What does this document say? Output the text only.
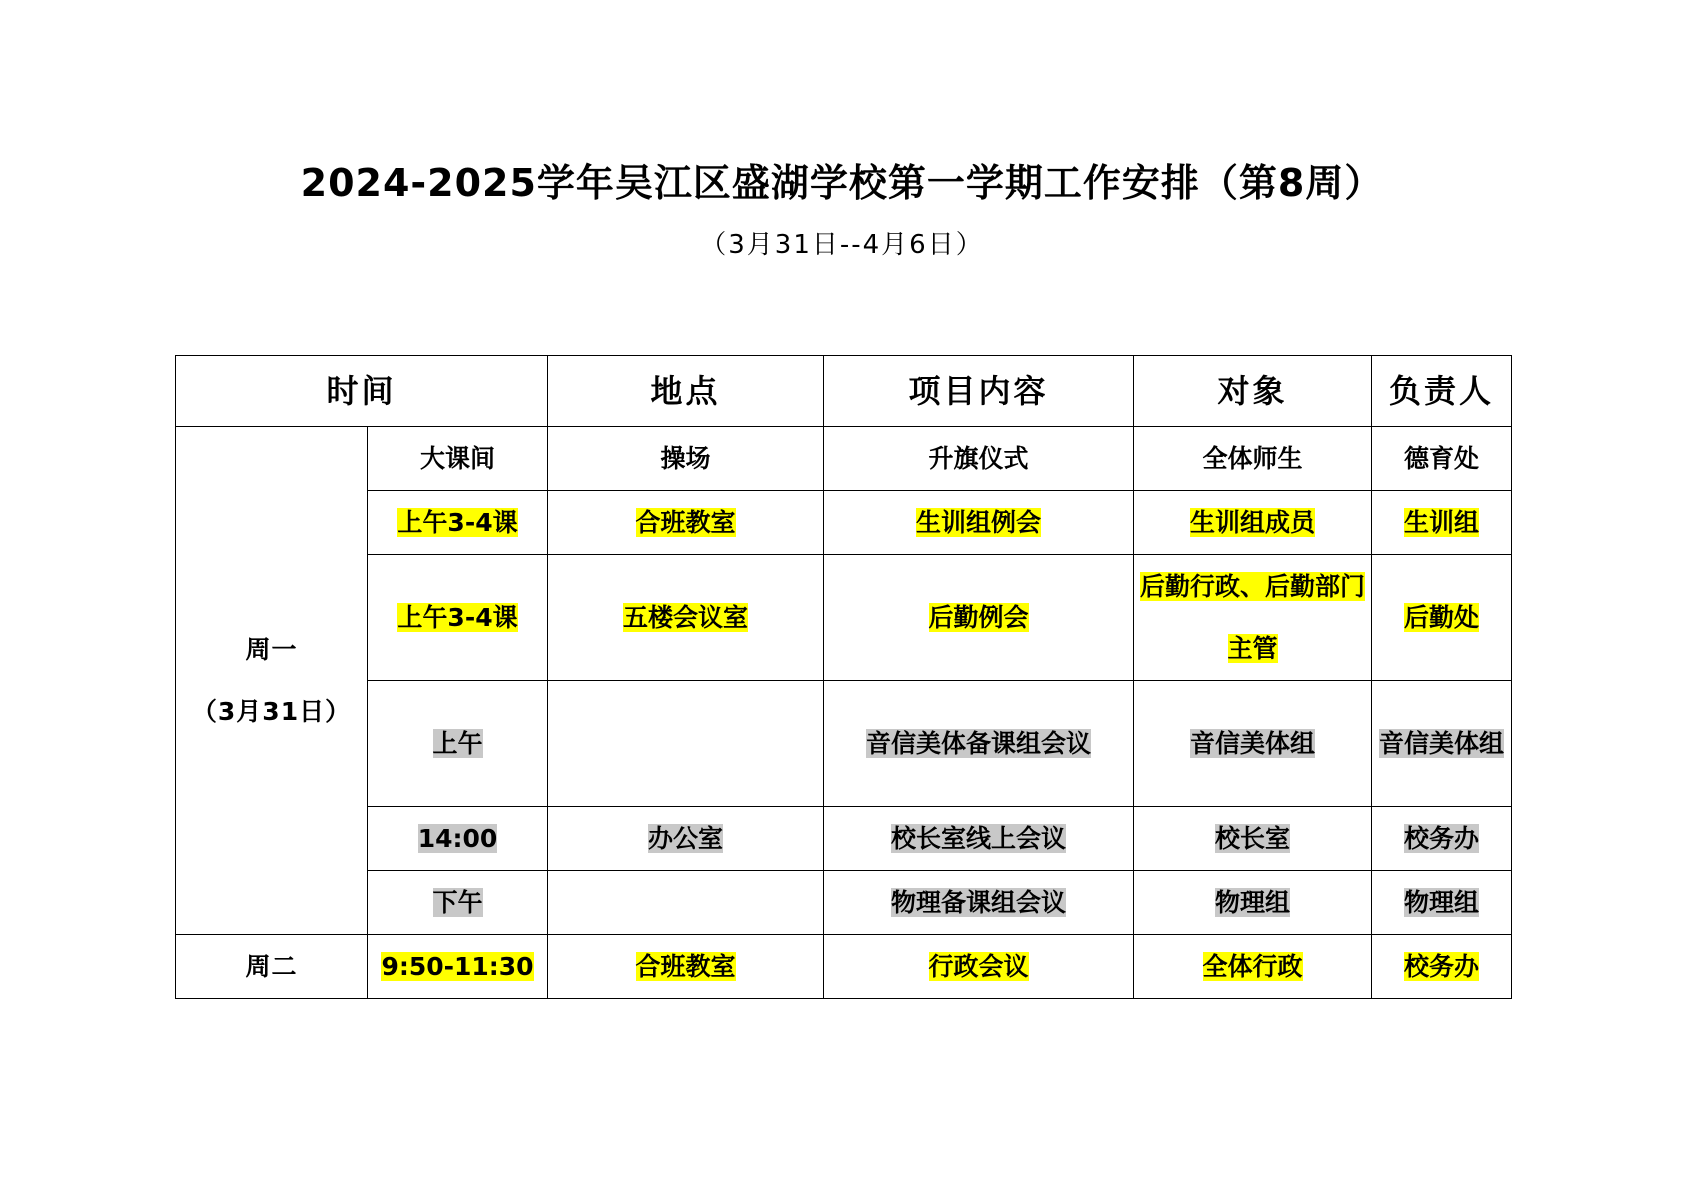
2024-2025学年吴江区盛湖学校第一学期工作安排（第8周）
（3月31日--4月6日）
时间		地点	项目内容	对象	负责人

周一
（3月31日）	大课间	操场	升旗仪式	全体师生	德育处
	上午3-4课	合班教室	生训组例会	生训组成员	生训组
	上午3-4课	五楼会议室	后勤例会	后勤行政、后勤部门主管	后勤处
	上午		音信美体备课组会议	音信美体组	音信美体组
	14:00	办公室	校长室线上会议	校长室	校务办
	下午		物理备课组会议	物理组	物理组

周二	9:50-11:30	合班教室	行政会议	全体行政	校务办
